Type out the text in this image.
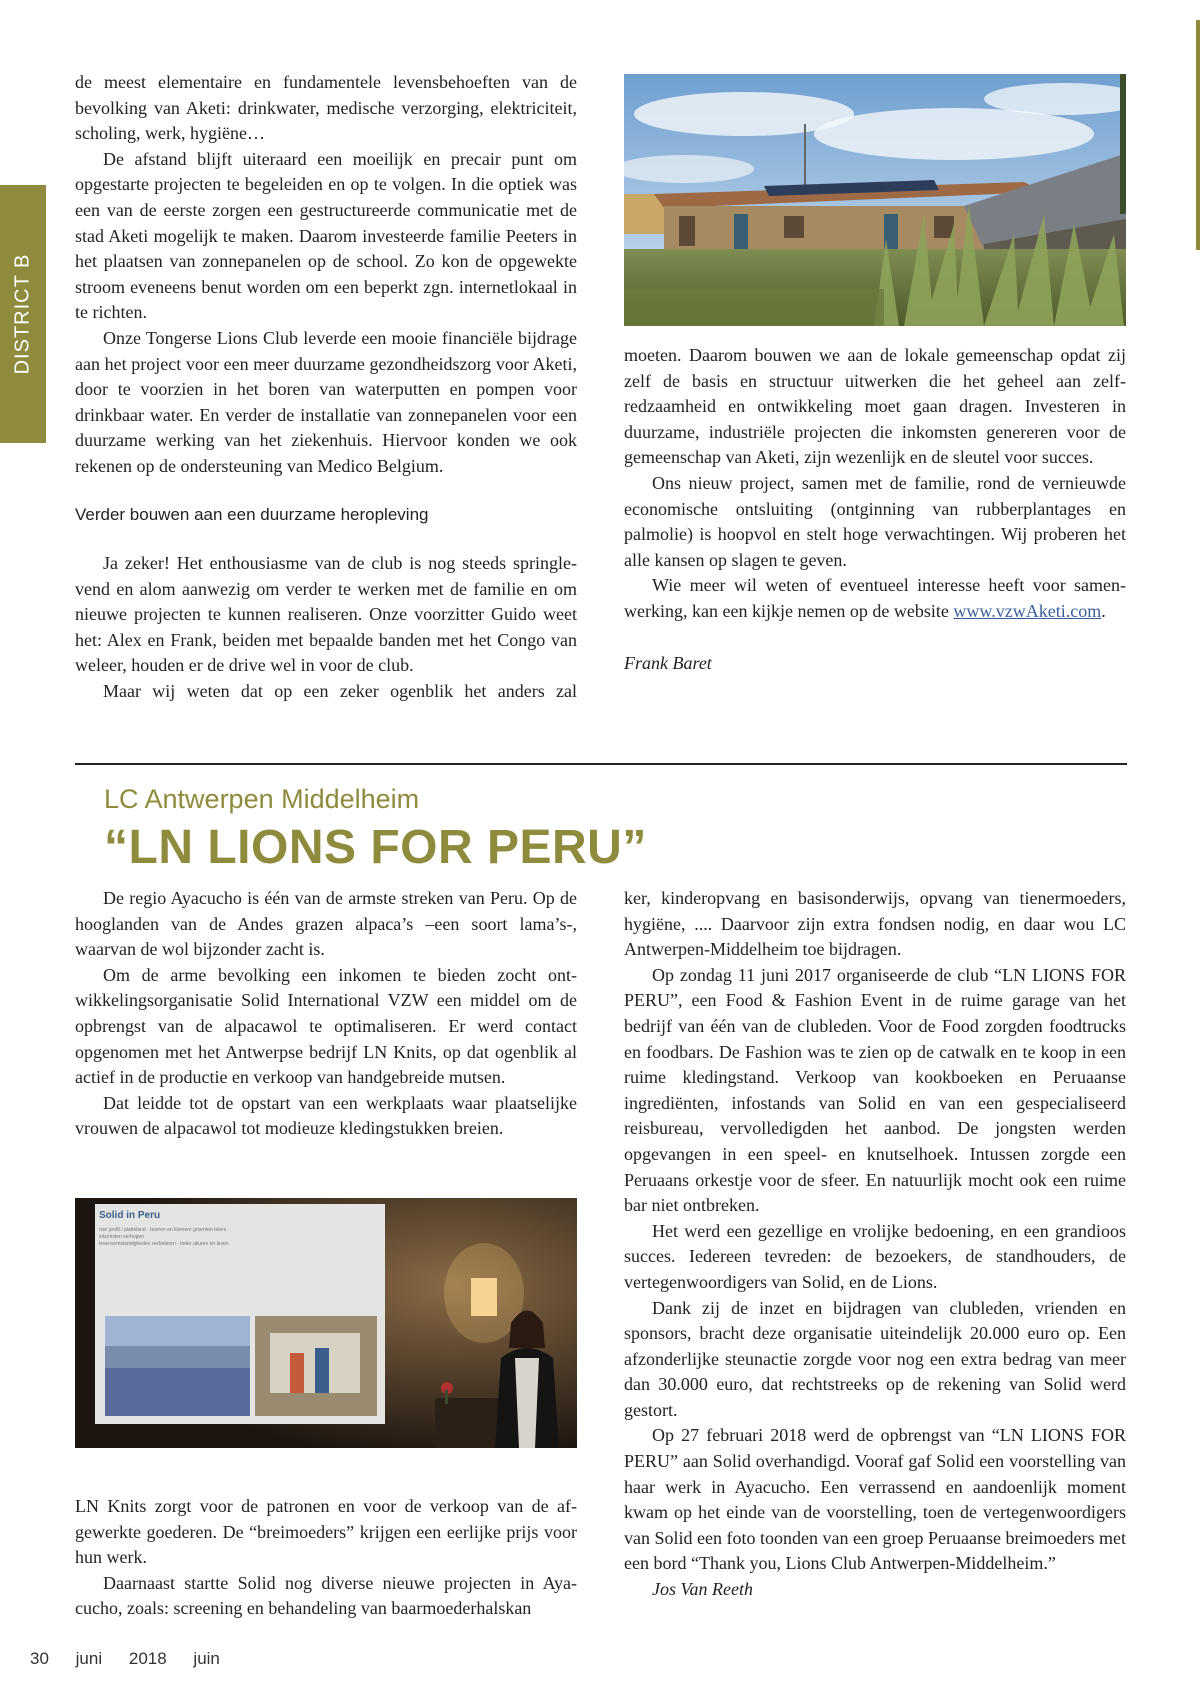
DISTRICT B

de meest elementaire en fundamentele levensbehoeften van de bevolking van Aketi: drinkwater, medische verzorging, elektriciteit, scholing, werk, hygiëne…

De afstand blijft uiteraard een moeilijk en precair punt om opgestarte projecten te begeleiden en op te volgen. In die optiek was een van de eerste zorgen een gestructureerde communicatie met de stad Aketi mogelijk te maken. Daarom investeerde familie Peeters in het plaatsen van zonnepanelen op de school. Zo kon de opgewekte stroom eveneens benut worden om een beperkt zgn. internetlokaal in te richten.

Onze Tongerse Lions Club leverde een mooie financiële bijdrage aan het project voor een meer duurzame gezondheidszorg voor Aketi, door te voorzien in het boren van waterputten en pompen voor drinkbaar water. En verder de installatie van zonnepanelen voor een duurzame werking van het ziekenhuis. Hiervoor konden we ook rekenen op de ondersteuning van Medico Belgium.

Verder bouwen aan een duurzame heropleving

Ja zeker! Het enthousiasme van de club is nog steeds springlevend en alom aanwezig om verder te werken met de familie en om nieuwe projecten te kunnen realiseren. Onze voorzitter Guido weet het: Alex en Frank, beiden met bepaalde banden met het Congo van weleer, houden er de drive wel in voor de club.

Maar wij weten dat op een zeker ogenblik het anders zal

moeten. Daarom bouwen we aan de lokale gemeenschap opdat zij zelf de basis en structuur uitwerken die het geheel aan zelfredzaamheid en ontwikkeling moet gaan dragen. Investeren in duurzame, industriële projecten die inkomsten genereren voor de gemeenschap van Aketi, zijn wezenlijk en de sleutel voor succes.

Ons nieuw project, samen met de familie, rond de vernieuwde economische ontsluiting (ontginning van rubberplantages en palmolie) is hoopvol en stelt hoge verwachtingen. Wij proberen het alle kansen op slagen te geven.

Wie meer wil weten of eventueel interesse heeft voor samenwerking, kan een kijkje nemen op de website www.vzwAketi.com.

Frank Baret

LC Antwerpen Middelheim
“LN LIONS FOR PERU”

De regio Ayacucho is één van de armste streken van Peru. Op de hooglanden van de Andes grazen alpaca’s –een soort lama’s-, waarvan de wol bijzonder zacht is.

Om de arme bevolking een inkomen te bieden zocht ontwikkelingsorganisatie Solid International VZW een middel om de opbrengst van de alpacawol te optimaliseren. Er werd contact opgenomen met het Antwerpse bedrijf LN Knits, op dat ogenblik al actief in de productie en verkoop van handgebreide mutsen.

Dat leidde tot de opstart van een werkplaats waar plaatselijke vrouwen de alpacawol tot modieuze kledingstukken breien.

Solid in Peru
non profit / platteland · boeren en kleinere groenten telers
inkomsten verhogen
levensomstandigheden verbeteren · beter akuren en leven

LN Knits zorgt voor de patronen en voor de verkoop van de afgewerkte goederen. De “breimoeders” krijgen een eerlijke prijs voor hun werk.

Daarnaast startte Solid nog diverse nieuwe projecten in Ayacucho, zoals: screening en behandeling van baarmoederhalskan

ker, kinderopvang en basisonderwijs, opvang van tienermoeders, hygiëne, .... Daarvoor zijn extra fondsen nodig, en daar wou LC Antwerpen-Middelheim toe bijdragen.

Op zondag 11 juni 2017 organiseerde de club “LN LIONS FOR PERU”, een Food & Fashion Event in de ruime garage van het bedrijf van één van de clubleden. Voor de Food zorgden foodtrucks en foodbars. De Fashion was te zien op de catwalk en te koop in een ruime kledingstand. Verkoop van kookboeken en Peruaanse ingrediënten, infostands van Solid en van een gespecialiseerd reisbureau, vervolledigden het aanbod. De jongsten werden opgevangen in een speel- en knutselhoek. Intussen zorgde een Peruaans orkestje voor de sfeer. En natuurlijk mocht ook een ruime bar niet ontbreken.

Het werd een gezellige en vrolijke bedoening, en een grandioos succes. Iedereen tevreden: de bezoekers, de standhouders, de vertegenwoordigers van Solid, en de Lions.

Dank zij de inzet en bijdragen van clubleden, vrienden en sponsors, bracht deze organisatie uiteindelijk 20.000 euro op. Een afzonderlijke steunactie zorgde voor nog een extra bedrag van meer dan 30.000 euro, dat rechtstreeks op de rekening van Solid werd gestort.

Op 27 februari 2018 werd de opbrengst van “LN LIONS FOR PERU” aan Solid overhandigd. Vooraf gaf Solid een voorstelling van haar werk in Ayacucho. Een verrassend en aandoenlijk moment kwam op het einde van de voorstelling, toen de vertegenwoordigers van Solid een foto toonden van een groep Peruaanse breimoeders met een bord “Thank you, Lions Club Antwerpen-Middelheim.”

Jos Van Reeth

30 juni 2018 juin
